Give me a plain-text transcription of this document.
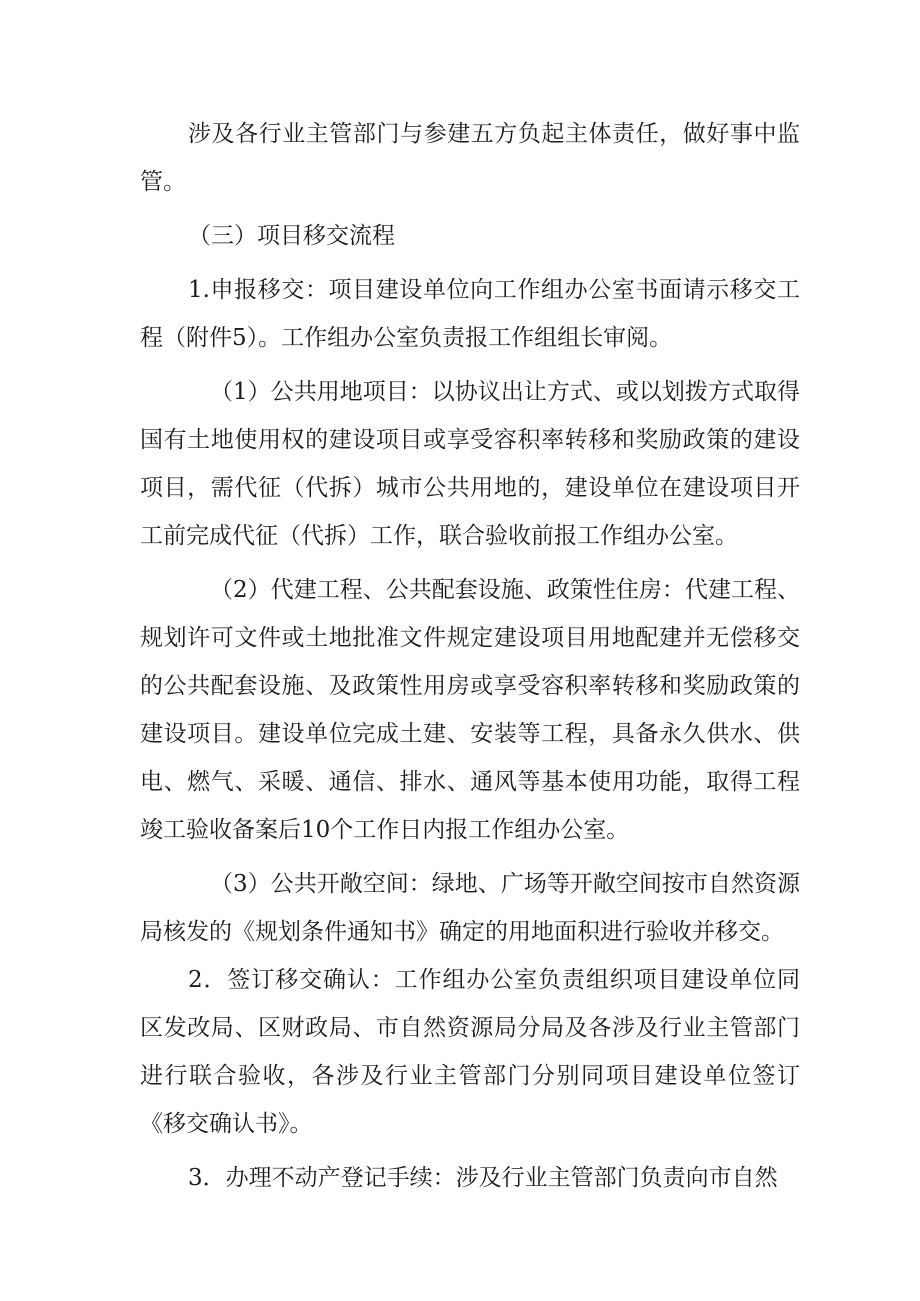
涉及各行业主管部门与参建五方负起主体责任，做好事中监管。

（三）项目移交流程

1.申报移交：项目建设单位向工作组办公室书面请示移交工程（附件5）。工作组办公室负责报工作组组长审阅。

（1）公共用地项目：以协议出让方式、或以划拨方式取得国有土地使用权的建设项目或享受容积率转移和奖励政策的建设项目，需代征（代拆）城市公共用地的，建设单位在建设项目开工前完成代征（代拆）工作，联合验收前报工作组办公室。

（2）代建工程、公共配套设施、政策性住房：代建工程、规划许可文件或土地批准文件规定建设项目用地配建并无偿移交的公共配套设施、及政策性用房或享受容积率转移和奖励政策的建设项目。建设单位完成土建、安装等工程，具备永久供水、供电、燃气、采暖、通信、排水、通风等基本使用功能，取得工程竣工验收备案后10个工作日内报工作组办公室。

（3）公共开敞空间：绿地、广场等开敞空间按市自然资源局核发的《规划条件通知书》确定的用地面积进行验收并移交。

2．签订移交确认：工作组办公室负责组织项目建设单位同区发改局、区财政局、市自然资源局分局及各涉及行业主管部门进行联合验收，各涉及行业主管部门分别同项目建设单位签订《移交确认书》。

3．办理不动产登记手续：涉及行业主管部门负责向市自然
